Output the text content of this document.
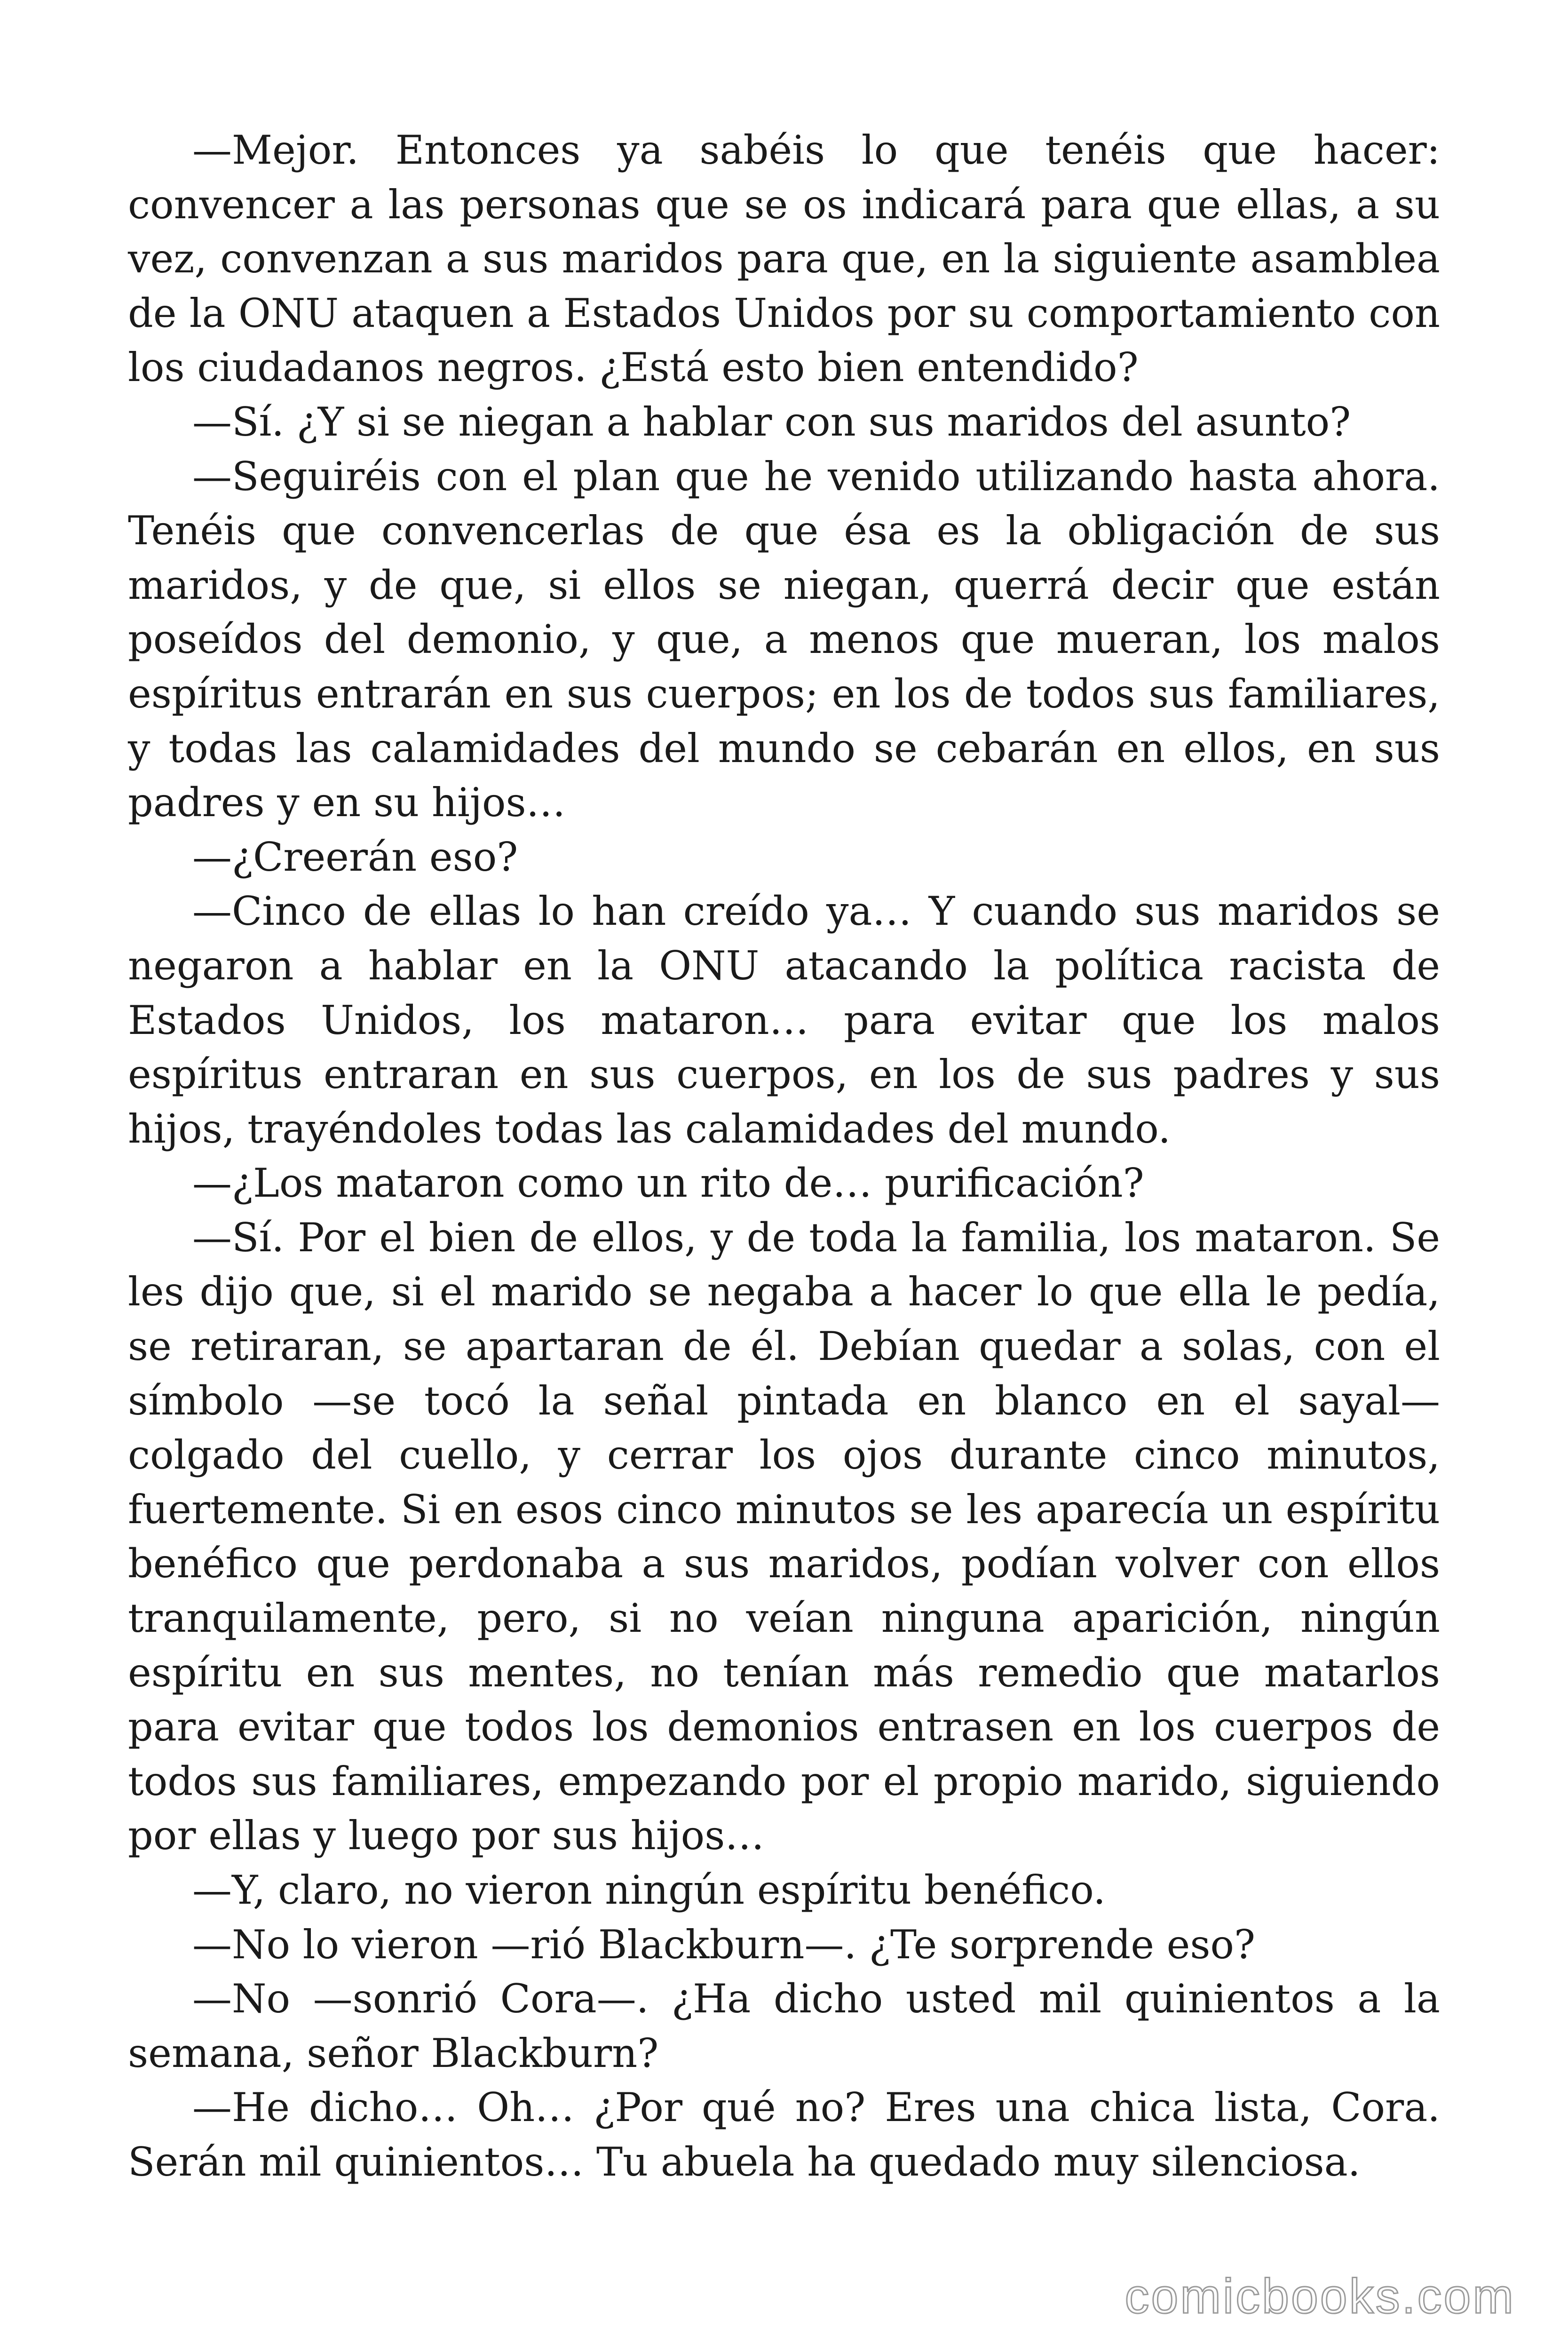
—Mejor. Entonces ya sabéis lo que tenéis que hacer: convencer a las personas que se os indicará para que ellas, a su vez, convenzan a sus maridos para que, en la siguiente asamblea de la ONU ataquen a Estados Unidos por su comportamiento con los ciudadanos negros. ¿Está esto bien entendido?

—Sí. ¿Y si se niegan a hablar con sus maridos del asunto?

—Seguiréis con el plan que he venido utilizando hasta ahora. Tenéis que convencerlas de que ésa es la obligación de sus maridos, y de que, si ellos se niegan, querrá decir que están poseídos del demonio, y que, a menos que mueran, los malos espíritus entrarán en sus cuerpos; en los de todos sus familiares, y todas las calamidades del mundo se cebarán en ellos, en sus padres y en su hijos…

—¿Creerán eso?

—Cinco de ellas lo han creído ya… Y cuando sus maridos se negaron a hablar en la ONU atacando la política racista de Estados Unidos, los mataron… para evitar que los malos espíritus entraran en sus cuerpos, en los de sus padres y sus hijos, trayéndoles todas las calamidades del mundo.

—¿Los mataron como un rito de… purificación?

—Sí. Por el bien de ellos, y de toda la familia, los mataron. Se les dijo que, si el marido se negaba a hacer lo que ella le pedía, se retiraran, se apartaran de él. Debían quedar a solas, con el símbolo —se tocó la señal pintada en blanco en el sayal— colgado del cuello, y cerrar los ojos durante cinco minutos, fuertemente. Si en esos cinco minutos se les aparecía un espíritu benéfico que perdonaba a sus maridos, podían volver con ellos tranquilamente, pero, si no veían ninguna aparición, ningún espíritu en sus mentes, no tenían más remedio que matarlos para evitar que todos los demonios entrasen en los cuerpos de todos sus familiares, empezando por el propio marido, siguiendo por ellas y luego por sus hijos…

—Y, claro, no vieron ningún espíritu benéfico.

—No lo vieron —rió Blackburn—. ¿Te sorprende eso?

—No —sonrió Cora—. ¿Ha dicho usted mil quinientos a la semana, señor Blackburn?

—He dicho… Oh… ¿Por qué no? Eres una chica lista, Cora. Serán mil quinientos… Tu abuela ha quedado muy silenciosa.

comicbooks.com
